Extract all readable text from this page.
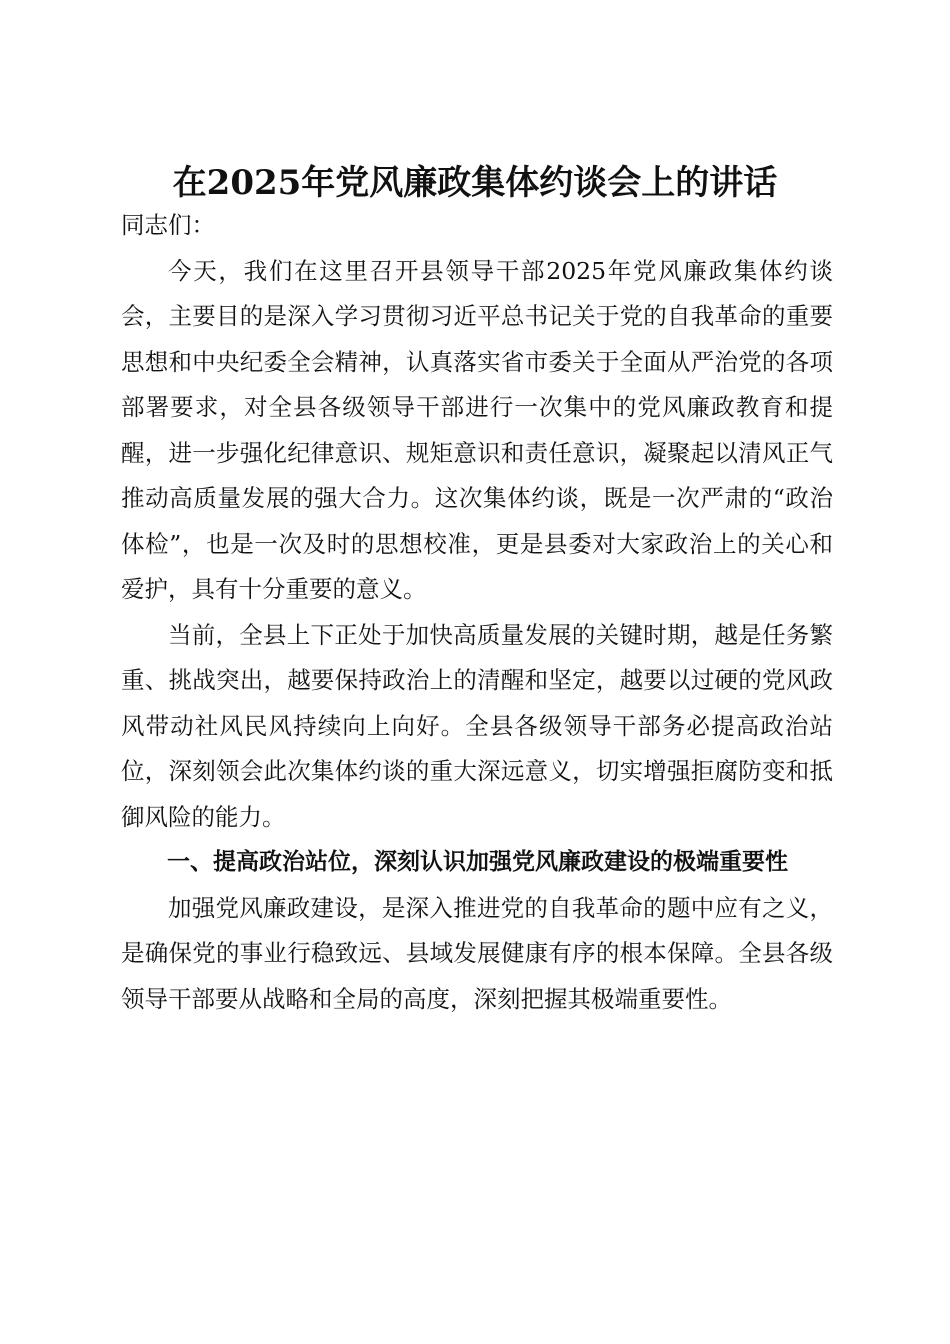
在2025年党风廉政集体约谈会上的讲话

同志们：

今天，我们在这里召开县领导干部2025年党风廉政集体约谈会，主要目的是深入学习贯彻习近平总书记关于党的自我革命的重要思想和中央纪委全会精神，认真落实省市委关于全面从严治党的各项部署要求，对全县各级领导干部进行一次集中的党风廉政教育和提醒，进一步强化纪律意识、规矩意识和责任意识，凝聚起以清风正气推动高质量发展的强大合力。这次集体约谈，既是一次严肃的“政治体检”，也是一次及时的思想校准，更是县委对大家政治上的关心和爱护，具有十分重要的意义。

当前，全县上下正处于加快高质量发展的关键时期，越是任务繁重、挑战突出，越要保持政治上的清醒和坚定，越要以过硬的党风政风带动社风民风持续向上向好。全县各级领导干部务必提高政治站位，深刻领会此次集体约谈的重大深远意义，切实增强拒腐防变和抵御风险的能力。

一、提高政治站位，深刻认识加强党风廉政建设的极端重要性

加强党风廉政建设，是深入推进党的自我革命的题中应有之义，是确保党的事业行稳致远、县域发展健康有序的根本保障。全县各级领导干部要从战略和全局的高度，深刻把握其极端重要性。
